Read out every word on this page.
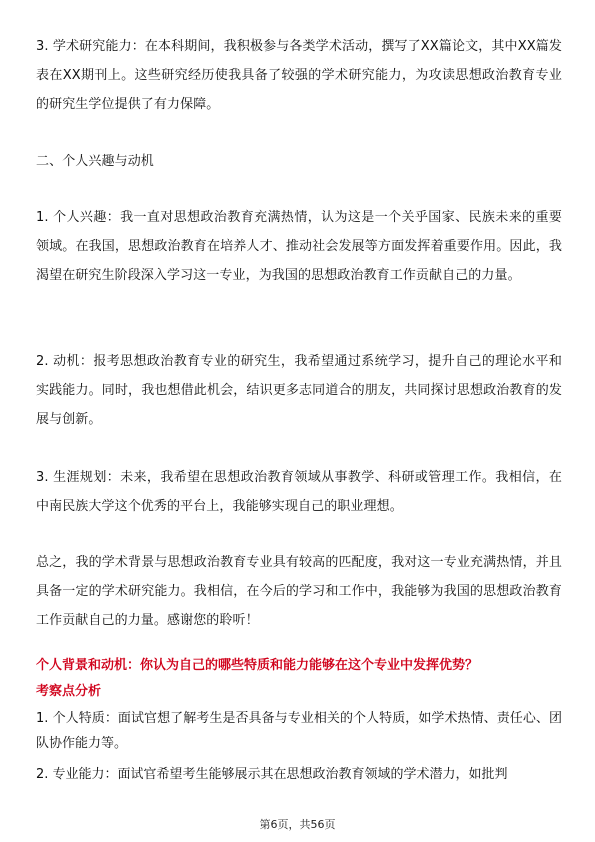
3. 学术研究能力：在本科期间，我积极参与各类学术活动，撰写了XX篇论文，其中XX篇发表在XX期刊上。这些研究经历使我具备了较强的学术研究能力，为攻读思想政治教育专业的研究生学位提供了有力保障。

二、个人兴趣与动机

1. 个人兴趣：我一直对思想政治教育充满热情，认为这是一个关乎国家、民族未来的重要领域。在我国，思想政治教育在培养人才、推动社会发展等方面发挥着重要作用。因此，我渴望在研究生阶段深入学习这一专业，为我国的思想政治教育工作贡献自己的力量。

2. 动机：报考思想政治教育专业的研究生，我希望通过系统学习，提升自己的理论水平和实践能力。同时，我也想借此机会，结识更多志同道合的朋友，共同探讨思想政治教育的发展与创新。

3. 生涯规划：未来，我希望在思想政治教育领域从事教学、科研或管理工作。我相信，在中南民族大学这个优秀的平台上，我能够实现自己的职业理想。

总之，我的学术背景与思想政治教育专业具有较高的匹配度，我对这一专业充满热情，并且具备一定的学术研究能力。我相信，在今后的学习和工作中，我能够为我国的思想政治教育工作贡献自己的力量。感谢您的聆听！

个人背景和动机：你认为自己的哪些特质和能力能够在这个专业中发挥优势？

考察点分析

1. 个人特质：面试官想了解考生是否具备与专业相关的个人特质，如学术热情、责任心、团队协作能力等。

2. 专业能力：面试官希望考生能够展示其在思想政治教育领域的学术潜力，如批判

第6页，共56页
